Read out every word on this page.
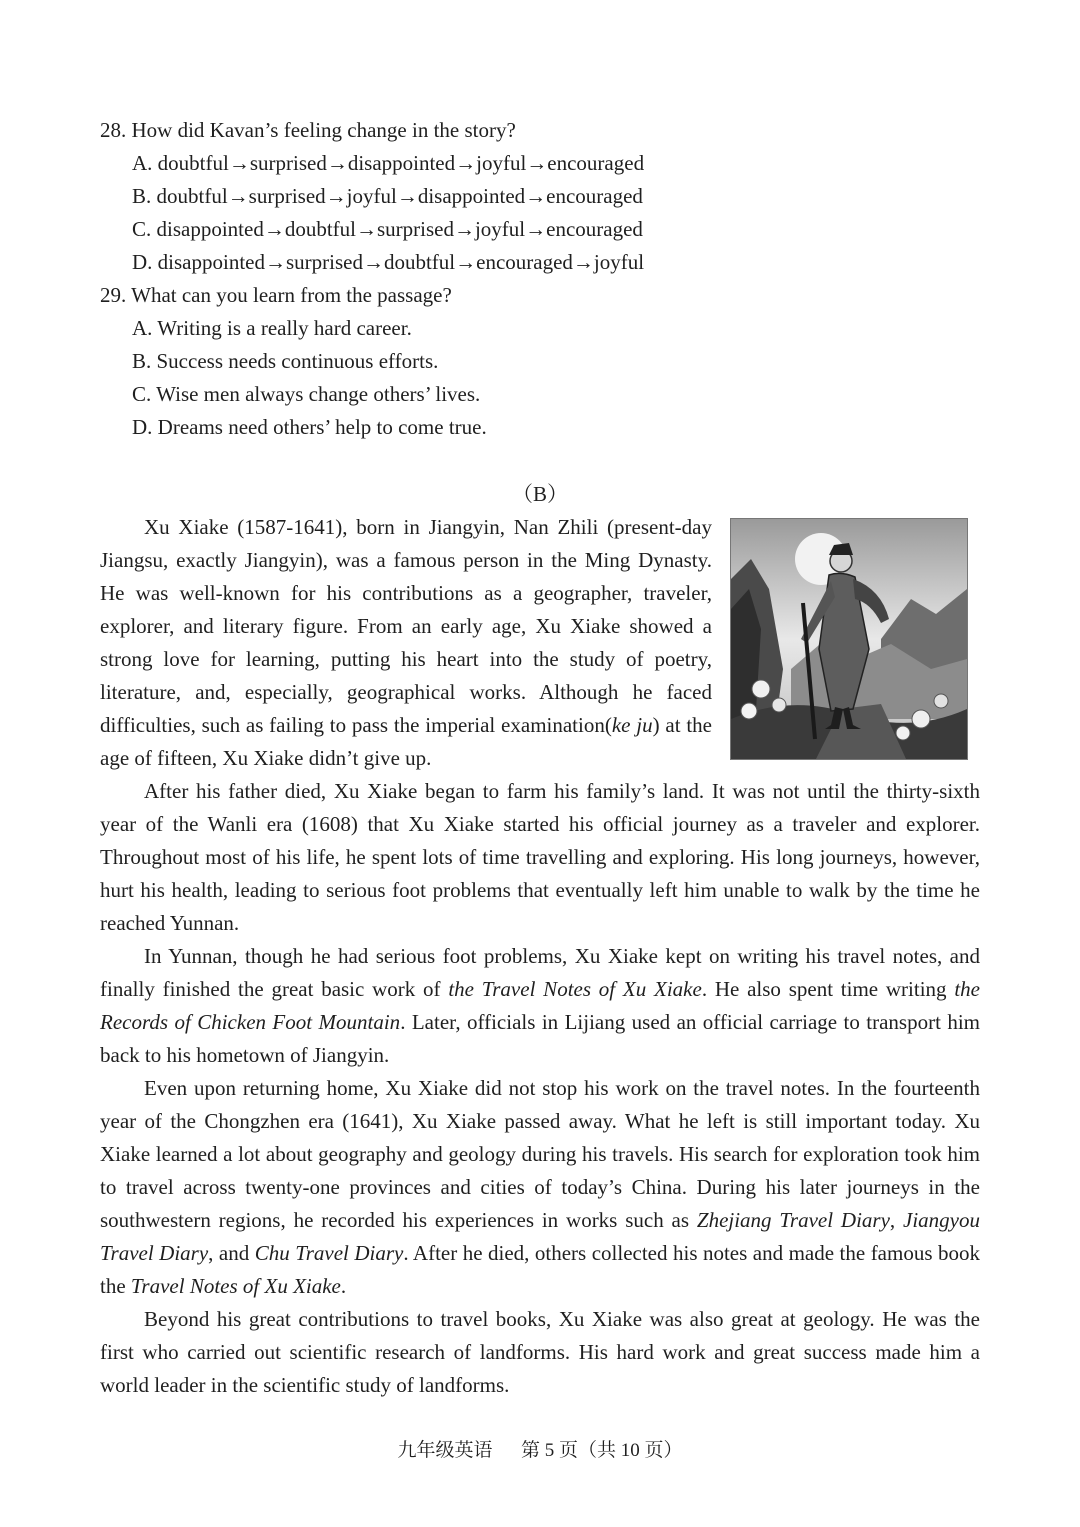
28. How did Kavan’s feeling change in the story?

A. doubtful→surprised→disappointed→joyful→encouraged

B. doubtful→surprised→joyful→disappointed→encouraged

C. disappointed→doubtful→surprised→joyful→encouraged

D. disappointed→surprised→doubtful→encouraged→joyful

29. What can you learn from the passage?

A. Writing is a really hard career.

B. Success needs continuous efforts.

C. Wise men always change others’ lives.

D. Dreams need others’ help to come true.

（B）

Xu Xiake (1587-1641), born in Jiangyin, Nan Zhili (present-day Jiangsu, exactly Jiangyin), was a famous person in the Ming Dynasty. He was well-known for his contributions as a geographer, traveler, explorer, and literary figure. From an early age, Xu Xiake showed a strong love for learning, putting his heart into the study of poetry, literature, and, especially, geographical works. Although he faced difficulties, such as failing to pass the imperial examination(ke ju) at the age of fifteen, Xu Xiake didn’t give up.

After his father died, Xu Xiake began to farm his family’s land. It was not until the thirty-sixth year of the Wanli era (1608) that Xu Xiake started his official journey as a traveler and explorer. Throughout most of his life, he spent lots of time travelling and exploring. His long journeys, however, hurt his health, leading to serious foot problems that eventually left him unable to walk by the time he reached Yunnan.

In Yunnan, though he had serious foot problems, Xu Xiake kept on writing his travel notes, and finally finished the great basic work of the Travel Notes of Xu Xiake. He also spent time writing the Records of Chicken Foot Mountain. Later, officials in Lijiang used an official carriage to transport him back to his hometown of Jiangyin.

Even upon returning home, Xu Xiake did not stop his work on the travel notes. In the fourteenth year of the Chongzhen era (1641), Xu Xiake passed away. What he left is still important today. Xu Xiake learned a lot about geography and geology during his travels. His search for exploration took him to travel across twenty-one provinces and cities of today’s China. During his later journeys in the southwestern regions, he recorded his experiences in works such as Zhejiang Travel Diary, Jiangyou Travel Diary, and Chu Travel Diary. After he died, others collected his notes and made the famous book the Travel Notes of Xu Xiake.

Beyond his great contributions to travel books, Xu Xiake was also great at geology. He was the first who carried out scientific research of landforms. His hard work and great success made him a world leader in the scientific study of landforms.

九年级英语 第 5 页（共 10 页）
